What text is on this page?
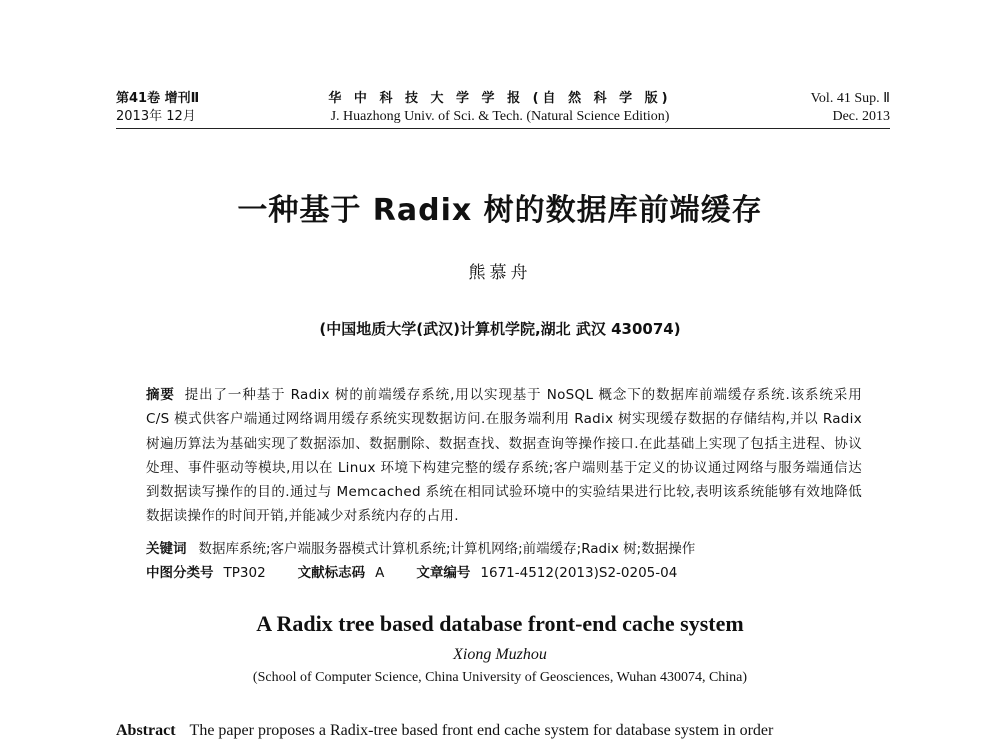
第41卷 增刊Ⅱ
2013年 12月
华 中 科 技 大 学 学 报 (自 然 科 学 版)
J. Huazhong Univ. of Sci. & Tech. (Natural Science Edition)
Vol. 41 Sup. Ⅱ
Dec. 2013
一种基于 Radix 树的数据库前端缓存
熊慕舟
(中国地质大学(武汉)计算机学院,湖北 武汉 430074)
摘要 提出了一种基于 Radix 树的前端缓存系统,用以实现基于 NoSQL 概念下的数据库前端缓存系统.该系统采用 C/S 模式供客户端通过网络调用缓存系统实现数据访问.在服务端利用 Radix 树实现缓存数据的存储结构,并以 Radix 树遍历算法为基础实现了数据添加、数据删除、数据查找、数据查询等操作接口.在此基础上实现了包括主进程、协议处理、事件驱动等模块,用以在 Linux 环境下构建完整的缓存系统;客户端则基于定义的协议通过网络与服务端通信达到数据读写操作的目的.通过与 Memcached 系统在相同试验环境中的实验结果进行比较,表明该系统能够有效地降低数据读操作的时间开销,并能减少对系统内存的占用.
关键词 数据库系统;客户端服务器模式计算机系统;计算机网络;前端缓存;Radix 树;数据操作
中图分类号 TP302 文献标志码 A 文章编号 1671-4512(2013)S2-0205-04
A Radix tree based database front-end cache system
Xiong Muzhou
(School of Computer Science, China University of Geosciences, Wuhan 430074, China)
Abstract The paper proposes a Radix-tree based front end cache system for database system in order
